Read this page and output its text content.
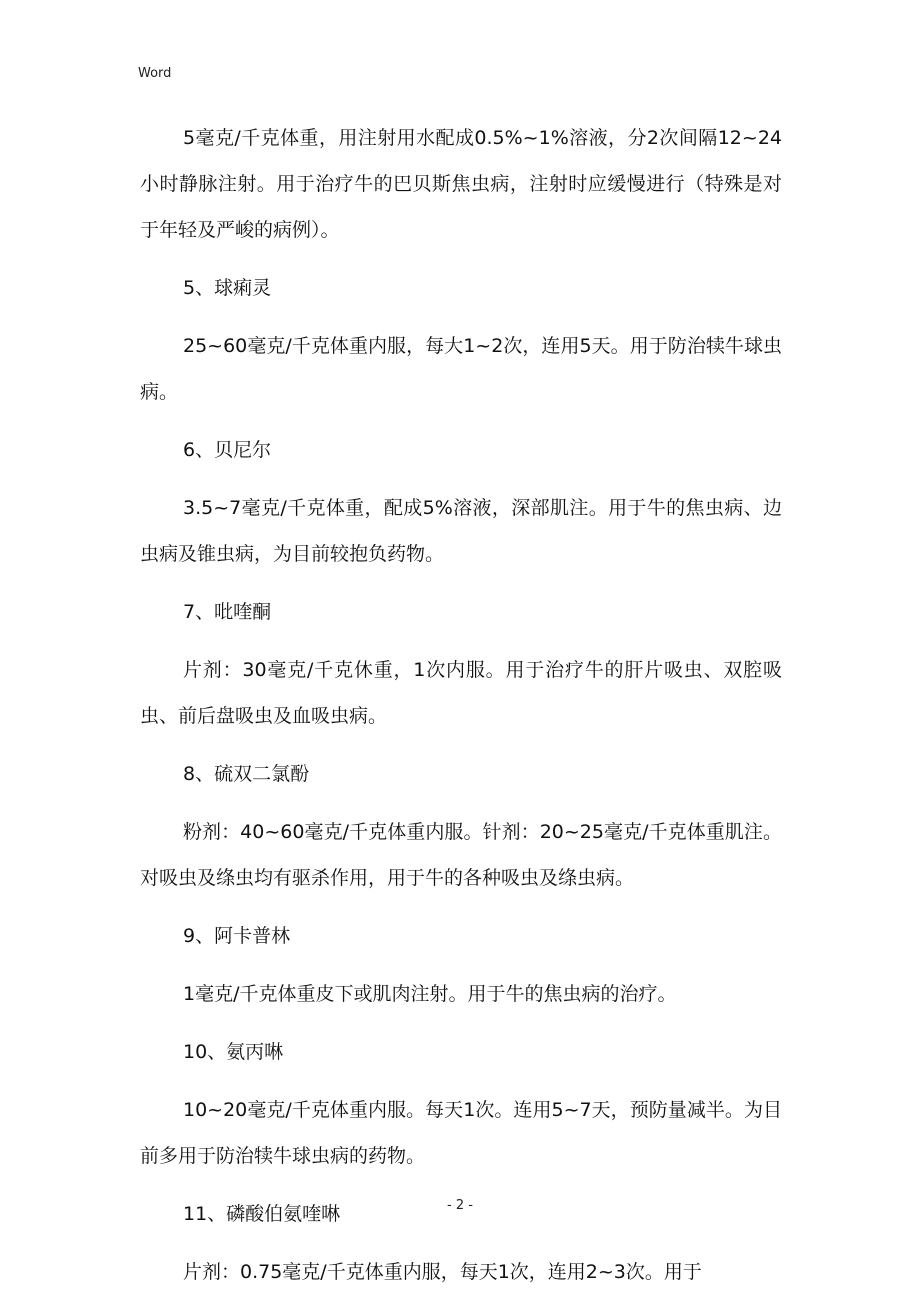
Word

5毫克/千克体重，用注射用水配成0.5%~1%溶液，分2次间隔12~24小时静脉注射。用于治疗牛的巴贝斯焦虫病，注射时应缓慢进行（特殊是对于年轻及严峻的病例）。

5、球痢灵

25~60毫克/千克体重内服，每大1~2次，连用5天。用于防治犊牛球虫病。

6、贝尼尔

3.5~7毫克/千克体重，配成5%溶液，深部肌注。用于牛的焦虫病、边虫病及锥虫病，为目前较抱负药物。

7、吡喹酮

片剂：30毫克/千克休重，1次内服。用于治疗牛的肝片吸虫、双腔吸虫、前后盘吸虫及血吸虫病。

8、硫双二氯酚

粉剂：40~60毫克/千克体重内服。针剂：20~25毫克/千克体重肌注。对吸虫及绦虫均有驱杀作用，用于牛的各种吸虫及绦虫病。

9、阿卡普林

1毫克/千克体重皮下或肌肉注射。用于牛的焦虫病的治疗。

10、氨丙啉

10~20毫克/千克体重内服。每天1次。连用5~7天，预防量减半。为目前多用于防治犊牛球虫病的药物。

11、磷酸伯氨喹啉

片剂：0.75毫克/千克体重内服，每天1次，连用2~3次。用于

- 2 -
